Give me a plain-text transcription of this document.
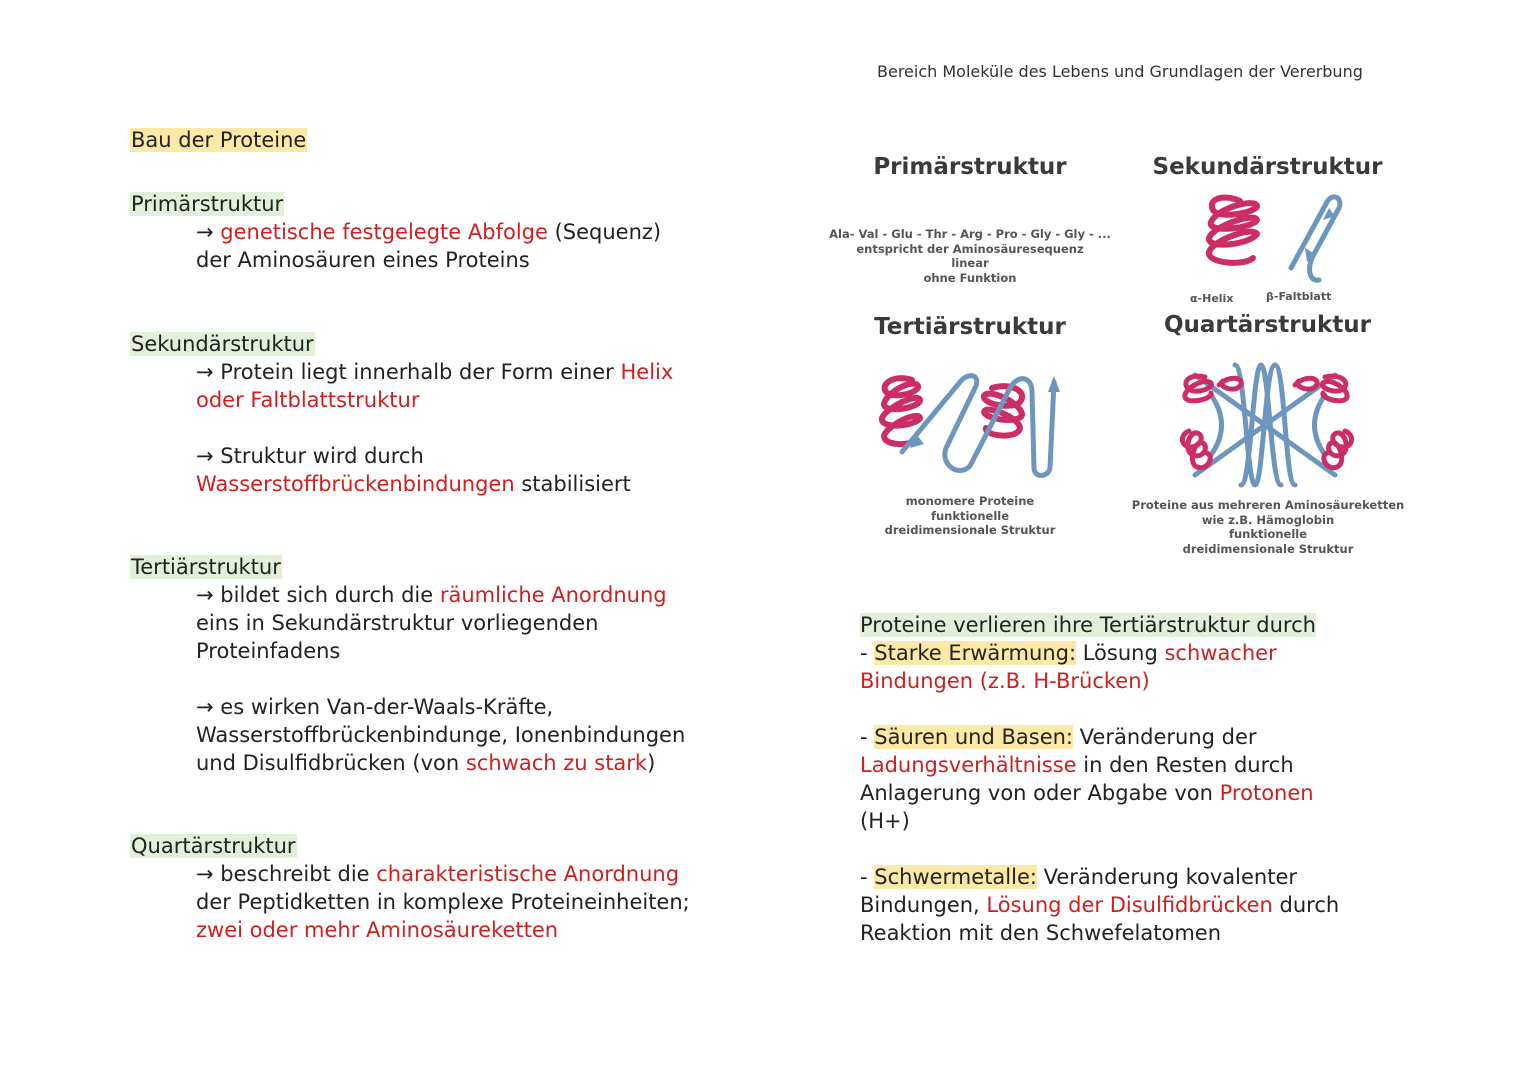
Bereich Moleküle des Lebens und Grundlagen der Vererbung
Bau der Proteine
Primärstruktur
→ genetische festgelegte Abfolge (Sequenz)
der Aminosäuren eines Proteins
Sekundärstruktur
→ Protein liegt innerhalb der Form einer Helix
oder Faltblattstruktur
→ Struktur wird durch
Wasserstoffbrückenbindungen stabilisiert
Tertiärstruktur
→ bildet sich durch die räumliche Anordnung
eins in Sekundärstruktur vorliegenden
Proteinfadens
→ es wirken Van-der-Waals-Kräfte,
Wasserstoffbrückenbindunge, Ionenbindungen
und Disulfidbrücken (von schwach zu stark)
Quartärstruktur
→ beschreibt die charakteristische Anordnung
der Peptidketten in komplexe Proteineinheiten;
zwei oder mehr Aminosäureketten
Primärstruktur
Ala- Val - Glu - Thr - Arg - Pro - Gly - Gly - ...
entspricht der Aminosäuresequenz
linear
ohne Funktion
Sekundärstruktur
α-Helix	β-Faltblatt
Tertiärstruktur
monomere Proteine
funktionelle
dreidimensionale Struktur
Quartärstruktur
Proteine aus mehreren Aminosäureketten
wie z.B. Hämoglobin
funktionelle
dreidimensionale Struktur
Proteine verlieren ihre Tertiärstruktur durch
- Starke Erwärmung: Lösung schwacher
Bindungen (z.B. H-Brücken)
- Säuren und Basen: Veränderung der
Ladungsverhältnisse in den Resten durch
Anlagerung von oder Abgabe von Protonen
(H+)
- Schwermetalle: Veränderung kovalenter
Bindungen, Lösung der Disulfidbrücken durch
Reaktion mit den Schwefelatomen
